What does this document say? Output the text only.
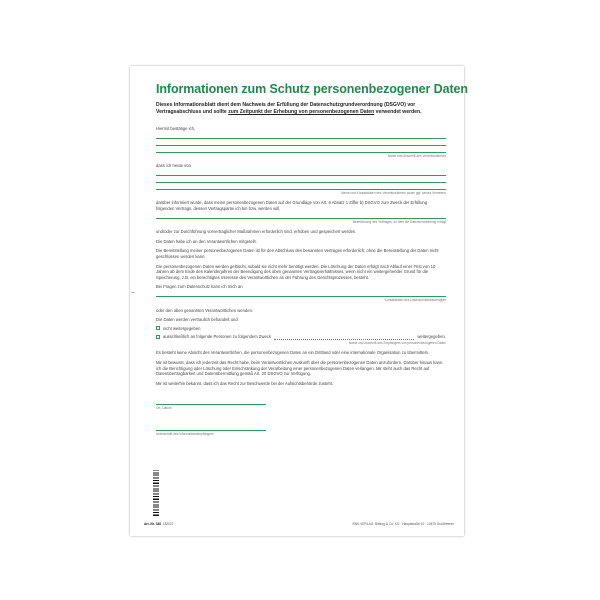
Informationen zum Schutz personenbezogener Daten
Dieses Informationsblatt dient dem Nachweis der Erfüllung der Datenschutzgrundverordnung (DSGVO) vor Vertragsabschluss und sollte zum Zeitpunkt der Erhebung von personenbezogenen Daten verwendet werden.
Hiermit bestätige ich,
Name und Anschrift des Verantwortlichen
dass ich heute von
Name und Kontaktdaten des Verantwortlichen sowie ggf. seines Vertreters
darüber informiert wurde, dass meine personenbezogenen Daten auf der Grundlage von Art. 6 Absatz 1 Ziffer b) DSGVO zum Zweck der Erfüllung folgenden Vertrags, dessen Vertragspartei ich bin bzw. werden will,
Bezeichnung des Vertrages, zu dem die Datenverarbeitung erfolgt
und/oder zur Durchführung vorvertraglicher Maßnahmen erforderlich sind, erhoben und gespeichert werden.
Die Daten habe ich an den Verantwortlichen mitgeteilt.
Die Bereitstellung meiner personenbezogenen Daten ist für den Abschluss des benannten Vertrages erforderlich; ohne die Bereitstellung der Daten nicht geschlossen werden kann.
Die personenbezogenen Daten werden gelöscht, sobald sie nicht mehr benötigt werden. Die Löschung der Daten erfolgt nach Ablauf einer Frist von 10 Jahren ab dem Ende des Kalenderjahres der Beendigung des oben genannten Vertragsverhältnisses, wenn nicht ein weitergehender Grund für die Speicherung, z.B. ein berechtigtes Interesse des Verantwortlichen an der Führung des Gerichtsprozesses, besteht.
Bei Fragen zum Datenschutz kann ich mich an
Kontaktdaten des Datenschutzbeauftragten
oder den oben genannten Verantwortlichen wenden.
Die Daten werden vertraulich behandelt und
nicht weitergegeben
ausschließlich an folgende Personen zu folgendem Zweck	weitergegeben.
Name und Anschrift des Empfängers von personenbezogenen Daten
Es besteht keine Absicht des Verantwortlichen, die personenbezogenen Daten an ein Drittland oder eine internationale Organisation zu übermitteln.
Mir ist bewusst, dass ich jederzeit das Recht habe, beim Verantwortlichen Auskunft über die personenbezogenen Daten anzufordern. Darüber hinaus kann ich die Berichtigung oder Löschung oder Einschränkung der Verarbeitung einer personenbezogenen Daten verlangen. Mir steht auch das Recht auf Datenübertragbarkeit und Datenübermittlung gemäß Art. 20 DSGVO zur Verfügung.
Mir ist weiterhin bekannt, dass ich das Recht zur Beschwerde bei der Aufsichtsbehörde zusteht.
Ort, Datum
Unterschrift des Informationsempfängers
Art.-Nr. 346 182022	RNK-VERLAG, Bitburg & Co. KG · Hauptstraße 10 · 10675 Großbeeren
